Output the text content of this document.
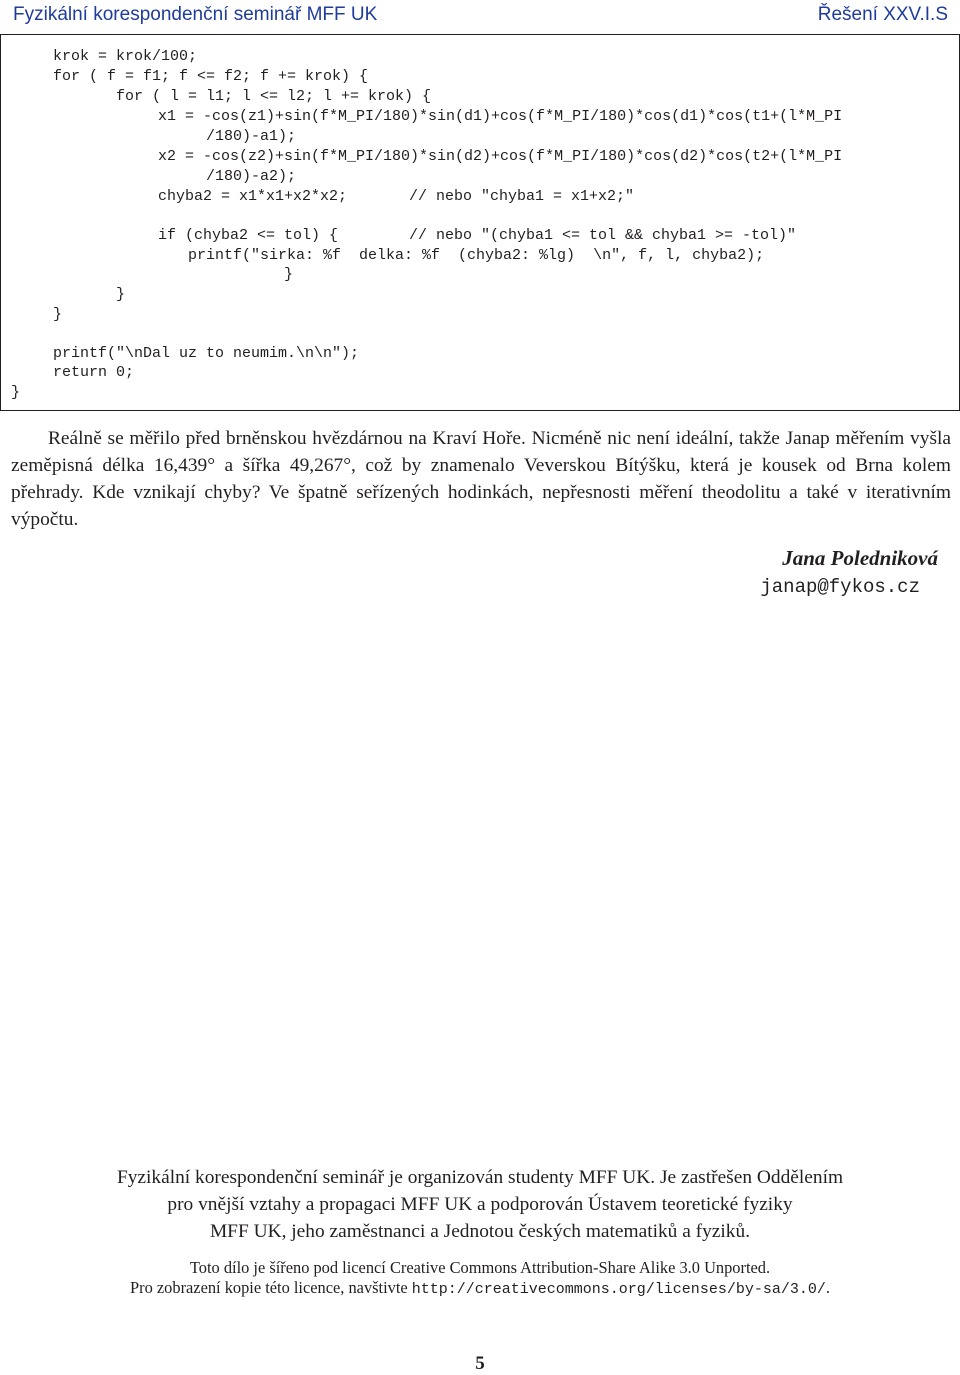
Fyzikální korespondenční seminář MFF UK	Řešení XXV.I.S
krok = krok/100;
for ( f = f1; f <= f2; f += krok) {
for ( l = l1; l <= l2; l += krok) {
x1 = -cos(z1)+sin(f*M_PI/180)*sin(d1)+cos(f*M_PI/180)*cos(d1)*cos(t1+(l*M_PI
/180)-a1);
x2 = -cos(z2)+sin(f*M_PI/180)*sin(d2)+cos(f*M_PI/180)*cos(d2)*cos(t2+(l*M_PI
/180)-a2);
chyba2 = x1*x1+x2*x2;	// nebo "chyba1 = x1+x2;"
if (chyba2 <= tol) {	// nebo "(chyba1 <= tol && chyba1 >= -tol)"
printf("sirka: %f  delka: %f  (chyba2: %lg)  \n", f, l, chyba2);
}
}
}
printf("\nDal uz to neumim.\n\n");
return 0;
}

Reálně se měřilo před brněnskou hvězdárnou na Kraví Hoře. Nicméně nic není ideální, takže Janap měřením vyšla zeměpisná délka 16,439° a šířka 49,267°, což by znamenalo Veverskou Bítýšku, která je kousek od Brna kolem přehrady. Kde vznikají chyby? Ve špatně seřízených hodinkách, nepřesnosti měření theodolitu a také v iterativním výpočtu.

Jana Poledniková
janap@fykos.cz

Fyzikální korespondenční seminář je organizován studenty MFF UK. Je zastřešen Oddělením
pro vnější vztahy a propagaci MFF UK a podporován Ústavem teoretické fyziky
MFF UK, jeho zaměstnanci a Jednotou českých matematiků a fyziků.

Toto dílo je šířeno pod licencí Creative Commons Attribution-Share Alike 3.0 Unported.
Pro zobrazení kopie této licence, navštivte http://creativecommons.org/licenses/by-sa/3.0/.

5
